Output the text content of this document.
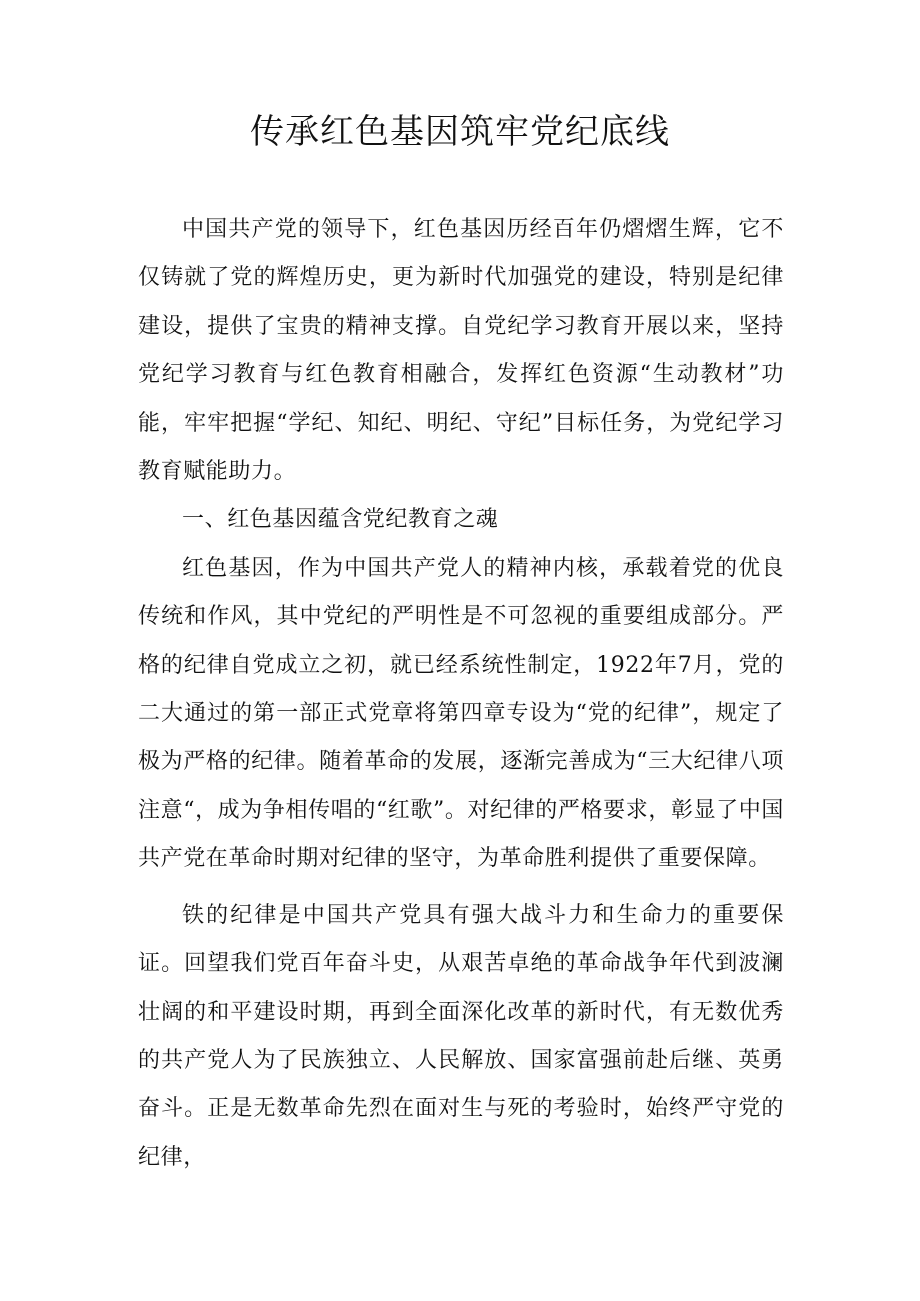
传承红色基因筑牢党纪底线

中国共产党的领导下，红色基因历经百年仍熠熠生辉，它不仅铸就了党的辉煌历史，更为新时代加强党的建设，特别是纪律建设，提供了宝贵的精神支撑。自党纪学习教育开展以来，坚持党纪学习教育与红色教育相融合，发挥红色资源“生动教材”功能，牢牢把握“学纪、知纪、明纪、守纪”目标任务，为党纪学习教育赋能助力。

一、红色基因蕴含党纪教育之魂

红色基因，作为中国共产党人的精神内核，承载着党的优良传统和作风，其中党纪的严明性是不可忽视的重要组成部分。严格的纪律自党成立之初，就已经系统性制定，1922年7月，党的二大通过的第一部正式党章将第四章专设为“党的纪律”，规定了极为严格的纪律。随着革命的发展，逐渐完善成为“三大纪律八项注意“，成为争相传唱的“红歌”。对纪律的严格要求，彰显了中国共产党在革命时期对纪律的坚守，为革命胜利提供了重要保障。

铁的纪律是中国共产党具有强大战斗力和生命力的重要保证。回望我们党百年奋斗史，从艰苦卓绝的革命战争年代到波澜壮阔的和平建设时期，再到全面深化改革的新时代，有无数优秀的共产党人为了民族独立、人民解放、国家富强前赴后继、英勇奋斗。正是无数革命先烈在面对生与死的考验时，始终严守党的纪律，
